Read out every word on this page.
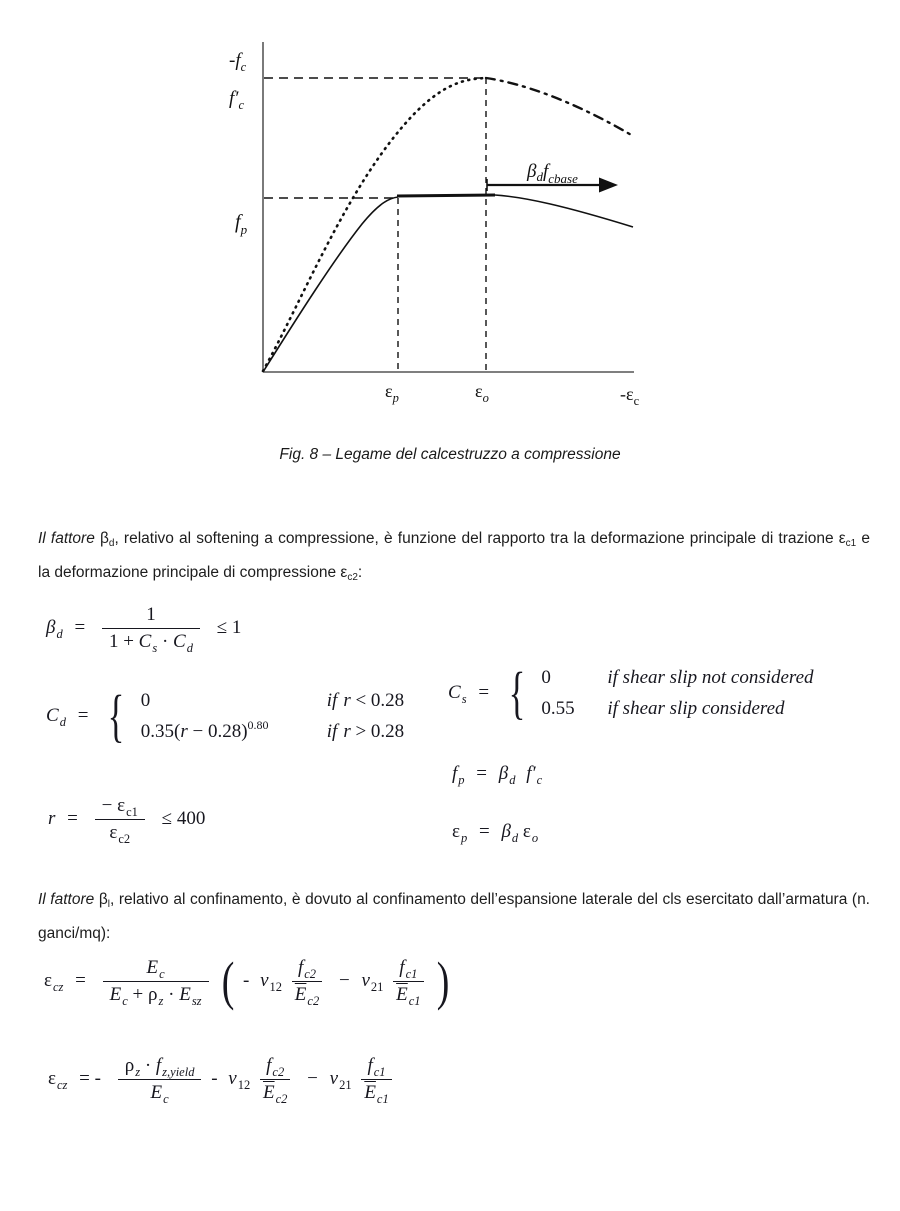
$-f_c$
$f'_c$
$f_p$
$\beta_df_{cbase}$
$\varepsilon_p$	$\varepsilon_o$	$-\varepsilon_c$
Fig. 8 – Legame del calcestruzzo a compressione

Il fattore βd, relativo al softening a compressione, è funzione del rapporto tra la deformazione principale di trazione εc1 e la deformazione principale di compressione εc2:

$\beta_d = \frac{1}{1 + C_s \cdot C_d} \le 1$
$C_d$ = { 0	if r < 0.28
$0.35(r - 0.28)^{0.80}$	if r > 0.28
$C_s$ = { 0	if shear slip not considered
0.55	if shear slip considered
$f_p = \beta_d$ $f'_c$
$r = \frac{- \varepsilon_{c1}}{\varepsilon_{c2}} \le 400$
$\varepsilon_p = \beta_d$ $\varepsilon_o$

Il fattore βl, relativo al confinamento, è dovuto al confinamento dell’espansione laterale del cls esercitato dall’armatura (n. ganci/mq):

$\varepsilon_{cz} = \frac{E_c}{E_c + \rho_z \cdot E_{sz}}$ ( - $\nu_{12} \frac{f_{c2}}{\overline{E}_{c2}} - \nu_{21} \frac{f_{c1}}{\overline{E}_{c1}}$ )
$\varepsilon_{cz}$ = - $\frac{\rho_z \cdot f_{z,yield}}{E_c} - \nu_{12} \frac{f_{c2}}{\overline{E}_{c2}} - \nu_{21} \frac{f_{c1}}{\overline{E}_{c1}}$
